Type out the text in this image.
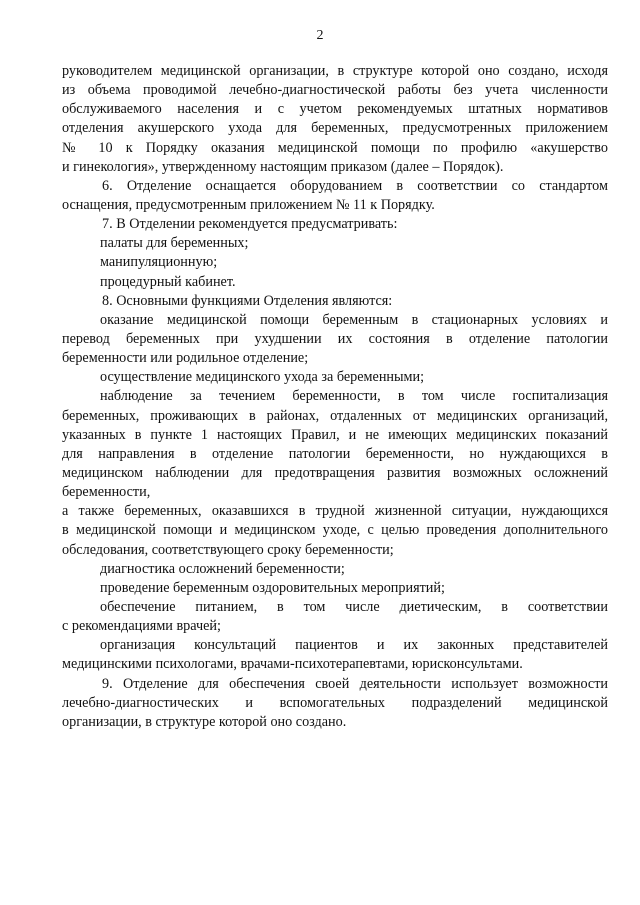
2
руководителем медицинской организации, в структуре которой оно создано, исходя
из объема проводимой лечебно-диагностической работы без учета численности
обслуживаемого населения и с учетом рекомендуемых штатных нормативов
отделения акушерского ухода для беременных, предусмотренных приложением
№ 10 к Порядку оказания медицинской помощи по профилю «акушерство
и гинекология», утвержденному настоящим приказом (далее – Порядок).
6. Отделение оснащается оборудованием в соответствии со стандартом
оснащения, предусмотренным приложением № 11 к Порядку.
7. В Отделении рекомендуется предусматривать:
палаты для беременных;
манипуляционную;
процедурный кабинет.
8. Основными функциями Отделения являются:
оказание медицинской помощи беременным в стационарных условиях и
перевод беременных при ухудшении их состояния в отделение патологии
беременности или родильное отделение;
осуществление медицинского ухода за беременными;
наблюдение за течением беременности, в том числе госпитализация
беременных, проживающих в районах, отдаленных от медицинских организаций,
указанных в пункте 1 настоящих Правил, и не имеющих медицинских показаний
для направления в отделение патологии беременности, но нуждающихся в
медицинском наблюдении для предотвращения развития возможных осложнений
беременности,
а также беременных, оказавшихся в трудной жизненной ситуации, нуждающихся
в медицинской помощи и медицинском уходе, с целью проведения дополнительного
обследования, соответствующего сроку беременности;
диагностика осложнений беременности;
проведение беременным оздоровительных мероприятий;
обеспечение питанием, в том числе диетическим, в соответствии
с рекомендациями врачей;
организация консультаций пациентов и их законных представителей
медицинскими психологами, врачами-психотерапевтами, юрисконсультами.
9. Отделение для обеспечения своей деятельности использует возможности
лечебно-диагностических и вспомогательных подразделений медицинской
организации, в структуре которой оно создано.
